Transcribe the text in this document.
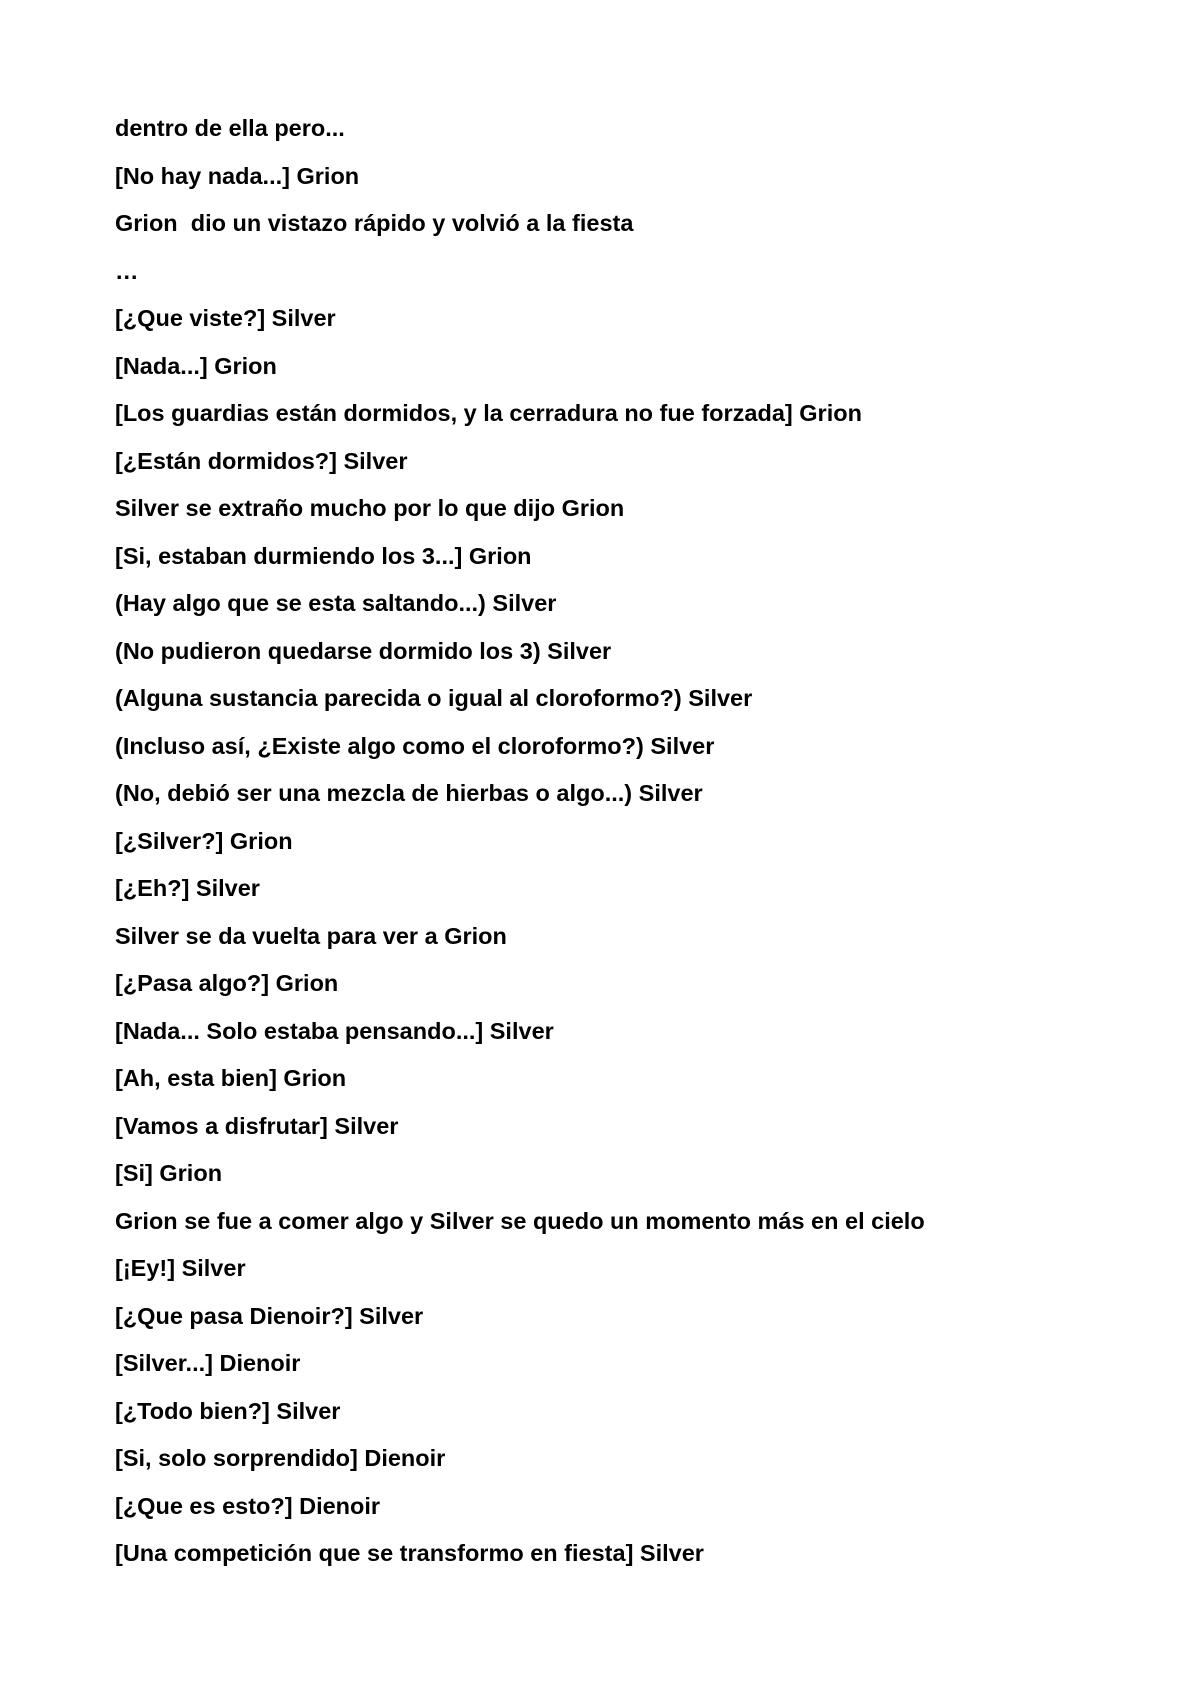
dentro de ella pero...
[No hay nada...] Grion
Grion  dio un vistazo rápido y volvió a la fiesta
…
[¿Que viste?] Silver
[Nada...] Grion
[Los guardias están dormidos, y la cerradura no fue forzada] Grion
[¿Están dormidos?] Silver
Silver se extraño mucho por lo que dijo Grion
[Si, estaban durmiendo los 3...] Grion
(Hay algo que se esta saltando...) Silver
(No pudieron quedarse dormido los 3) Silver
(Alguna sustancia parecida o igual al cloroformo?) Silver
(Incluso así, ¿Existe algo como el cloroformo?) Silver
(No, debió ser una mezcla de hierbas o algo...) Silver
[¿Silver?] Grion
[¿Eh?] Silver
Silver se da vuelta para ver a Grion
[¿Pasa algo?] Grion
[Nada... Solo estaba pensando...] Silver
[Ah, esta bien] Grion
[Vamos a disfrutar] Silver
[Si] Grion
Grion se fue a comer algo y Silver se quedo un momento más en el cielo
[¡Ey!] Silver
[¿Que pasa Dienoir?] Silver
[Silver...] Dienoir
[¿Todo bien?] Silver
[Si, solo sorprendido] Dienoir
[¿Que es esto?] Dienoir
[Una competición que se transformo en fiesta] Silver
